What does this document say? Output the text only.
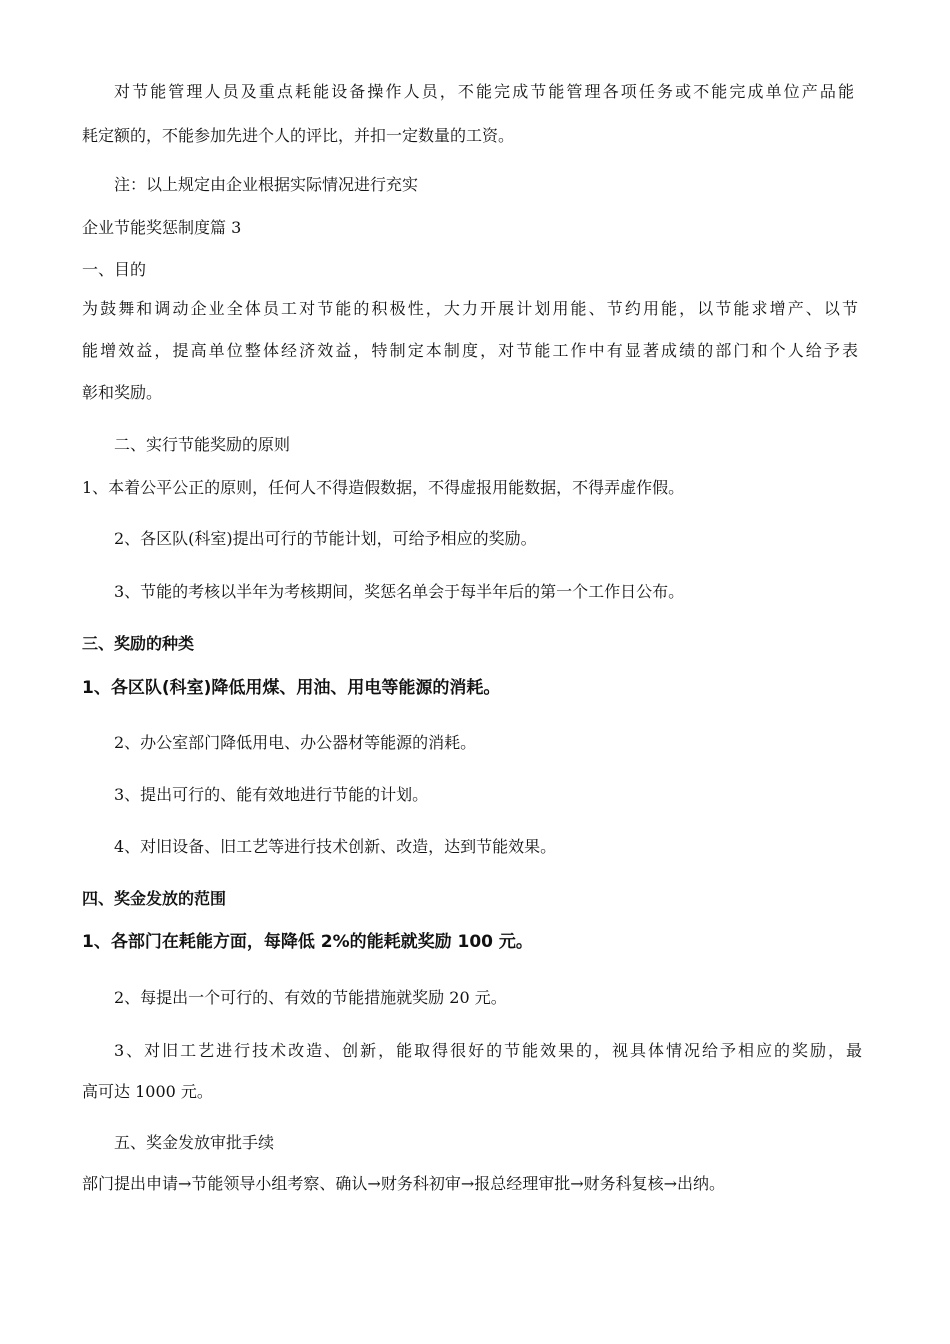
对节能管理人员及重点耗能设备操作人员，不能完成节能管理各项任务或不能完成单位产品能
耗定额的，不能参加先进个人的评比，并扣一定数量的工资。
注：以上规定由企业根据实际情况进行充实
企业节能奖惩制度篇 3
一、目的
为鼓舞和调动企业全体员工对节能的积极性，大力开展计划用能、节约用能，以节能求增产、以节
能增效益，提高单位整体经济效益，特制定本制度，对节能工作中有显著成绩的部门和个人给予表
彰和奖励。
二、实行节能奖励的原则
1、本着公平公正的原则，任何人不得造假数据，不得虚报用能数据，不得弄虚作假。
2、各区队(科室)提出可行的节能计划，可给予相应的奖励。
3、节能的考核以半年为考核期间，奖惩名单会于每半年后的第一个工作日公布。
三、奖励的种类
1、各区队(科室)降低用煤、用油、用电等能源的消耗。
2、办公室部门降低用电、办公器材等能源的消耗。
3、提出可行的、能有效地进行节能的计划。
4、对旧设备、旧工艺等进行技术创新、改造，达到节能效果。
四、奖金发放的范围
1、各部门在耗能方面，每降低 2%的能耗就奖励 100 元。
2、每提出一个可行的、有效的节能措施就奖励 20 元。
3、对旧工艺进行技术改造、创新，能取得很好的节能效果的，视具体情况给予相应的奖励，最
高可达 1000 元。
五、奖金发放审批手续
部门提出申请→节能领导小组考察、确认→财务科初审→报总经理审批→财务科复核→出纳。
